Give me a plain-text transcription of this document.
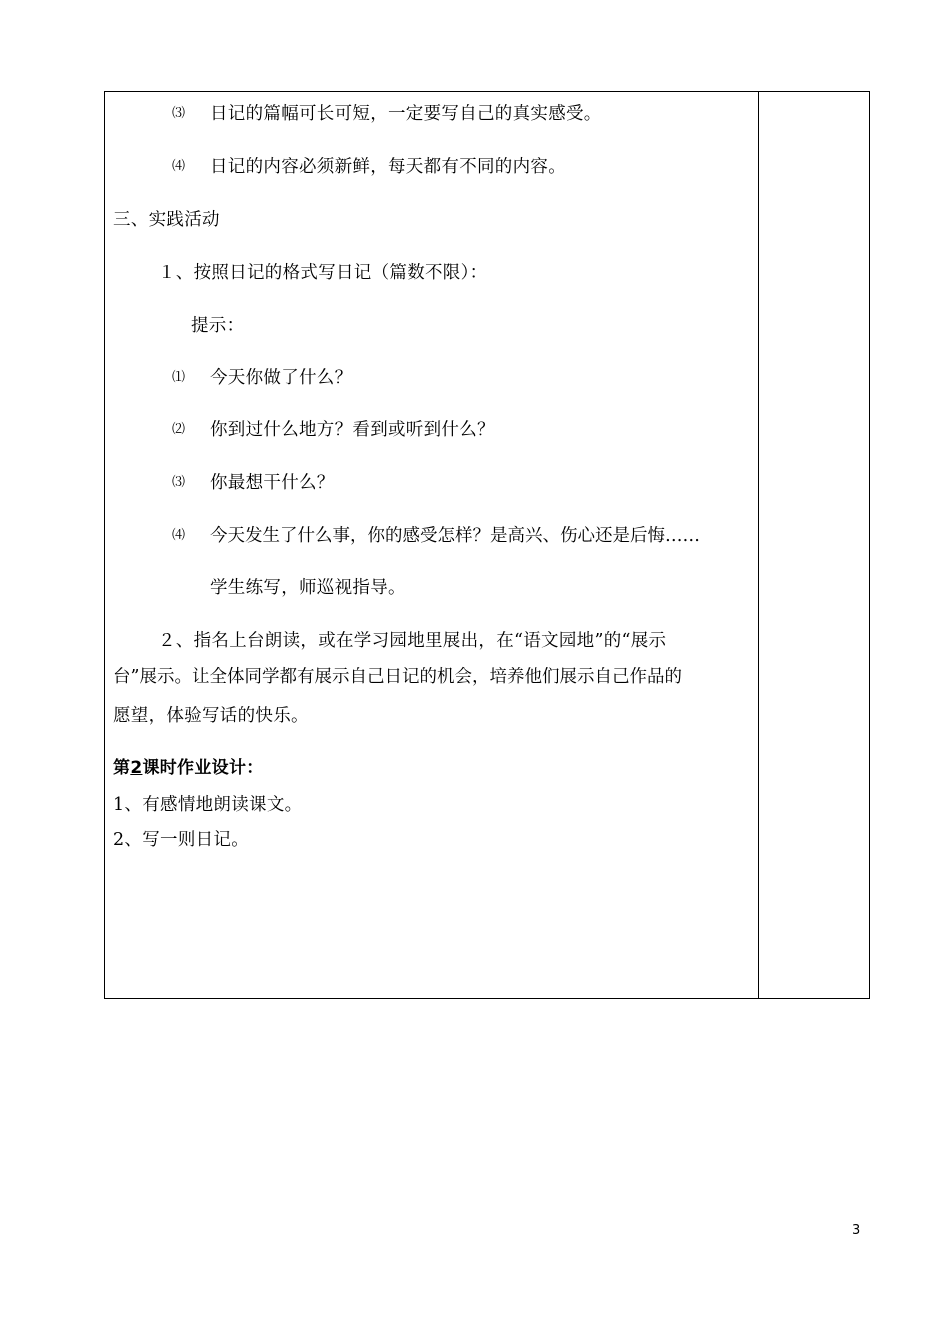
⑶ 日记的篇幅可长可短，一定要写自己的真实感受。
⑷ 日记的内容必须新鲜，每天都有不同的内容。
三、实践活动
１、按照日记的格式写日记（篇数不限）：
提示：
⑴ 今天你做了什么？
⑵ 你到过什么地方？看到或听到什么？
⑶ 你最想干什么？
⑷ 今天发生了什么事，你的感受怎样？是高兴、伤心还是后悔……
学生练写，师巡视指导。
２、指名上台朗读，或在学习园地里展出，在“语文园地”的“展示
台”展示。让全体同学都有展示自己日记的机会，培养他们展示自己作品的
愿望，体验写话的快乐。
第2课时作业设计：
1、有感情地朗读课文。
2、写一则日记。
3
